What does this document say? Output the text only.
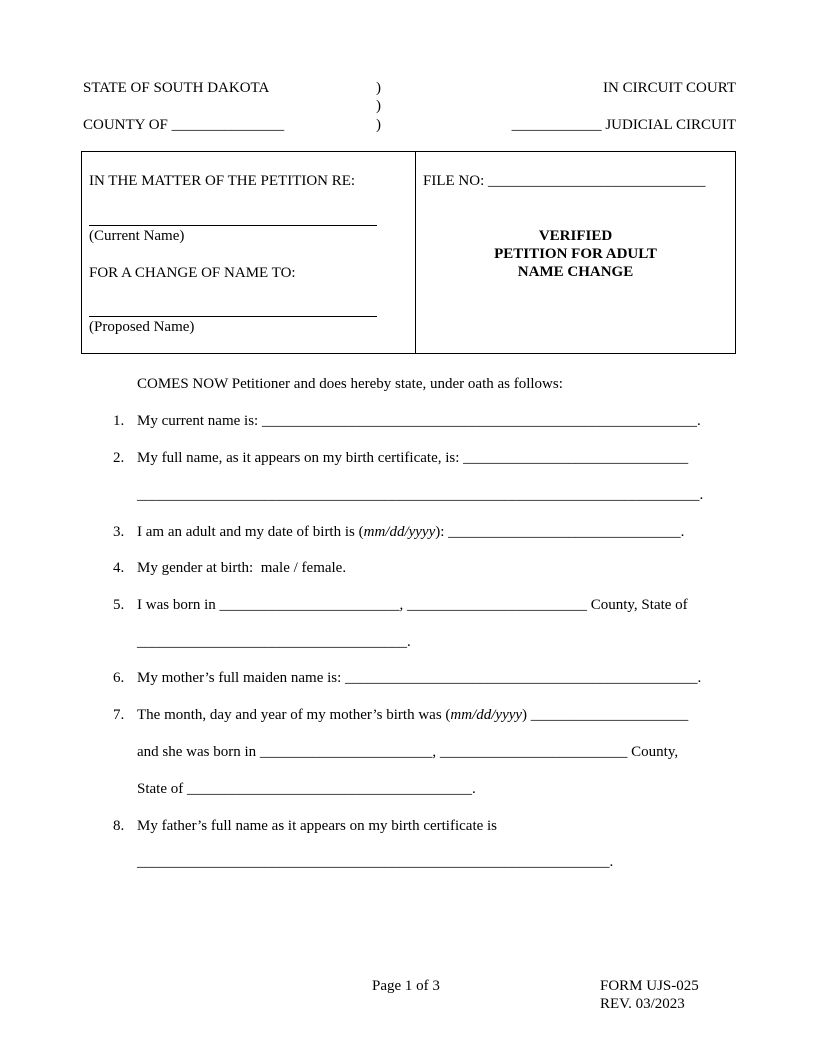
STATE OF SOUTH DAKOTA	)
)
)
IN CIRCUIT COURT
COUNTY OF _______________	____________ JUDICIAL CIRCUIT
IN THE MATTER OF THE PETITION RE:
(Current Name)
FOR A CHANGE OF NAME TO:
(Proposed Name)
FILE NO: _____________________________
VERIFIED
PETITION FOR ADULT
NAME CHANGE
COMES NOW Petitioner and does hereby state, under oath as follows:
1. My current name is: __________________________________________________________.
2. My full name, as it appears on my birth certificate, is: ______________________________
___________________________________________________________________________.
3. I am an adult and my date of birth is (mm/dd/yyyy): _______________________________.
4. My gender at birth:  male / female.
5. I was born in ________________________, ________________________ County, State of
____________________________________.
6. My mother’s full maiden name is: _______________________________________________.
7. The month, day and year of my mother’s birth was (mm/dd/yyyy) _____________________
and she was born in _______________________, _________________________ County,
State of ______________________________________.
8. My father’s full name as it appears on my birth certificate is
_______________________________________________________________.
Page 1 of 3	FORM UJS-025
REV. 03/2023
